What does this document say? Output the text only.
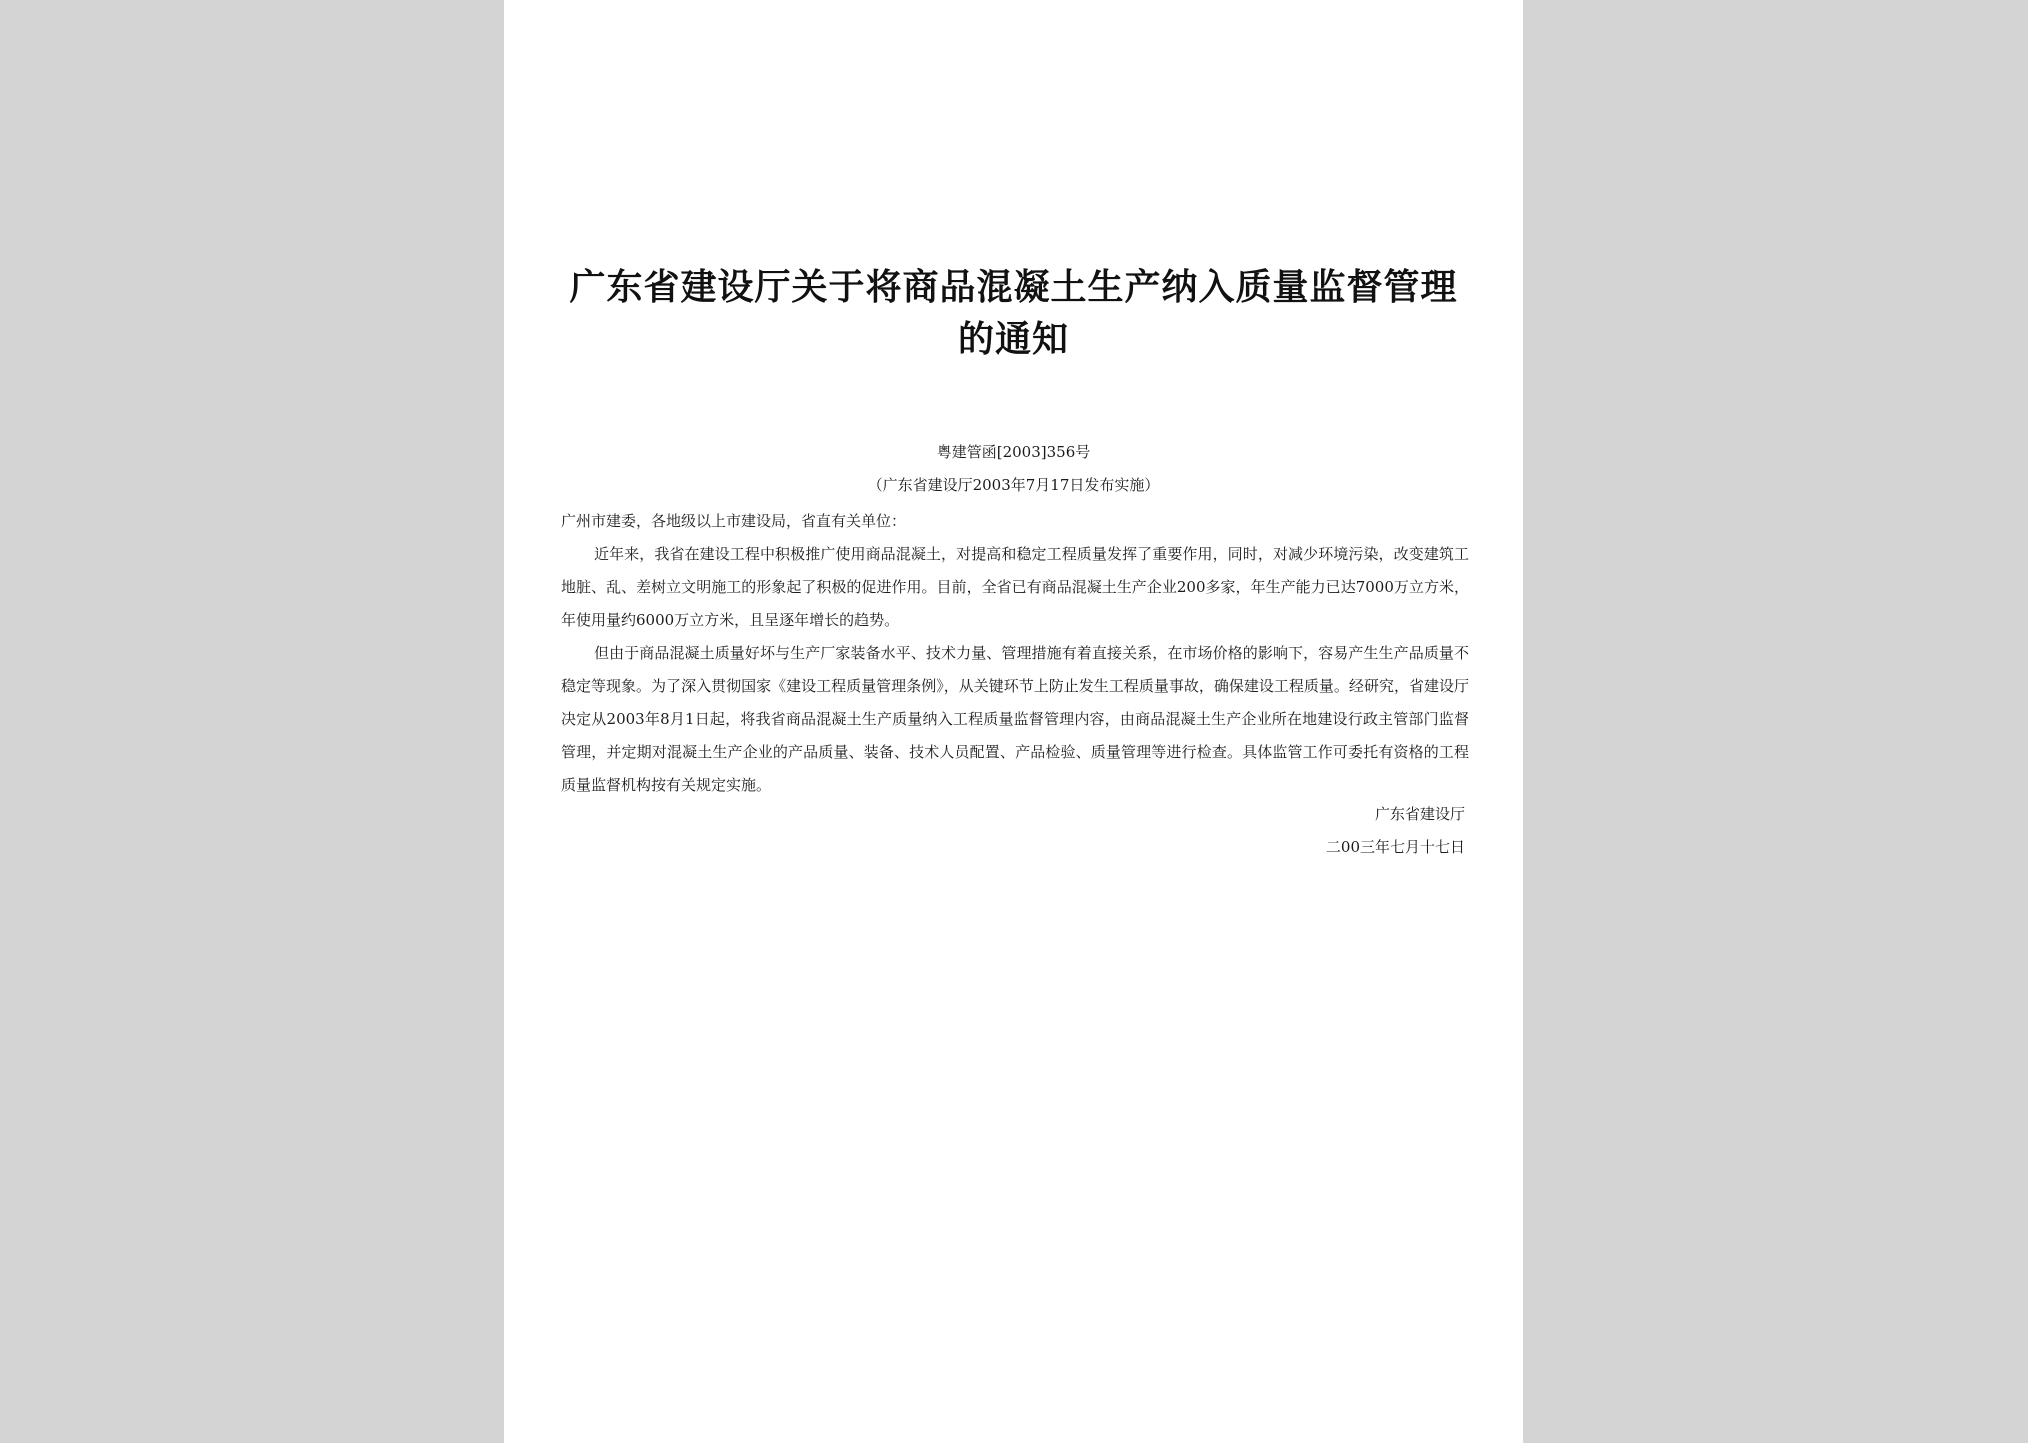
广东省建设厅关于将商品混凝土生产纳入质量监督管理
的通知
粤建管函[2003]356号
（广东省建设厅2003年7月17日发布实施）

广州市建委，各地级以上市建设局，省直有关单位：

近年来，我省在建设工程中积极推广使用商品混凝土，对提高和稳定工程质量发挥了重要作用，同时，对减少环境污染，改变建筑工地脏、乱、差树立文明施工的形象起了积极的促进作用。目前，全省已有商品混凝土生产企业200多家，年生产能力已达7000万立方米，年使用量约6000万立方米，且呈逐年增长的趋势。

但由于商品混凝土质量好坏与生产厂家装备水平、技术力量、管理措施有着直接关系，在市场价格的影响下，容易产生生产品质量不稳定等现象。为了深入贯彻国家《建设工程质量管理条例》，从关键环节上防止发生工程质量事故，确保建设工程质量。经研究，省建设厅决定从2003年8月1日起，将我省商品混凝土生产质量纳入工程质量监督管理内容，由商品混凝土生产企业所在地建设行政主管部门监督管理，并定期对混凝土生产企业的产品质量、装备、技术人员配置、产品检验、质量管理等进行检查。具体监管工作可委托有资格的工程质量监督机构按有关规定实施。

广东省建设厅
二00三年七月十七日
